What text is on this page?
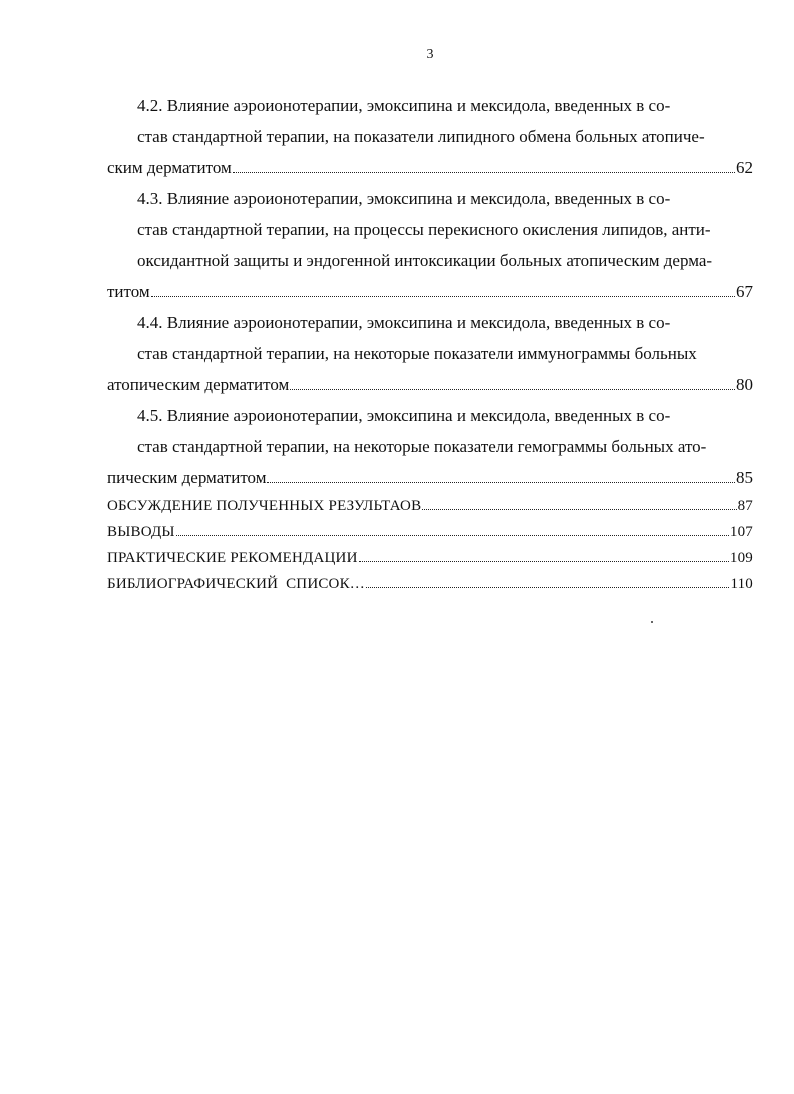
3
4.2. Влияние аэроионотерапии, эмоксипина и мексидола, введенных в со-
став стандартной терапии, на показатели липидного обмена больных атопиче-
ским дерматитом	62
4.3. Влияние аэроионотерапии, эмоксипина и мексидола, введенных в со-
став стандартной терапии, на процессы перекисного окисления липидов, анти-
оксидантной защиты и эндогенной интоксикации больных атопическим дерма-
титом	67
4.4. Влияние аэроионотерапии, эмоксипина и мексидола, введенных в со-
став стандартной терапии, на некоторые показатели иммунограммы больных
атопическим дерматитом	80
4.5. Влияние аэроионотерапии, эмоксипина и мексидола, введенных в со-
став стандартной терапии, на некоторые показатели гемограммы больных ато-
пическим дерматитом	85
ОБСУЖДЕНИЕ ПОЛУЧЕННЫХ РЕЗУЛЬТАОВ	87
ВЫВОДЫ	107
ПРАКТИЧЕСКИЕ РЕКОМЕНДАЦИИ	109
БИБЛИОГРАФИЧЕСКИЙ  СПИСОК…	110
